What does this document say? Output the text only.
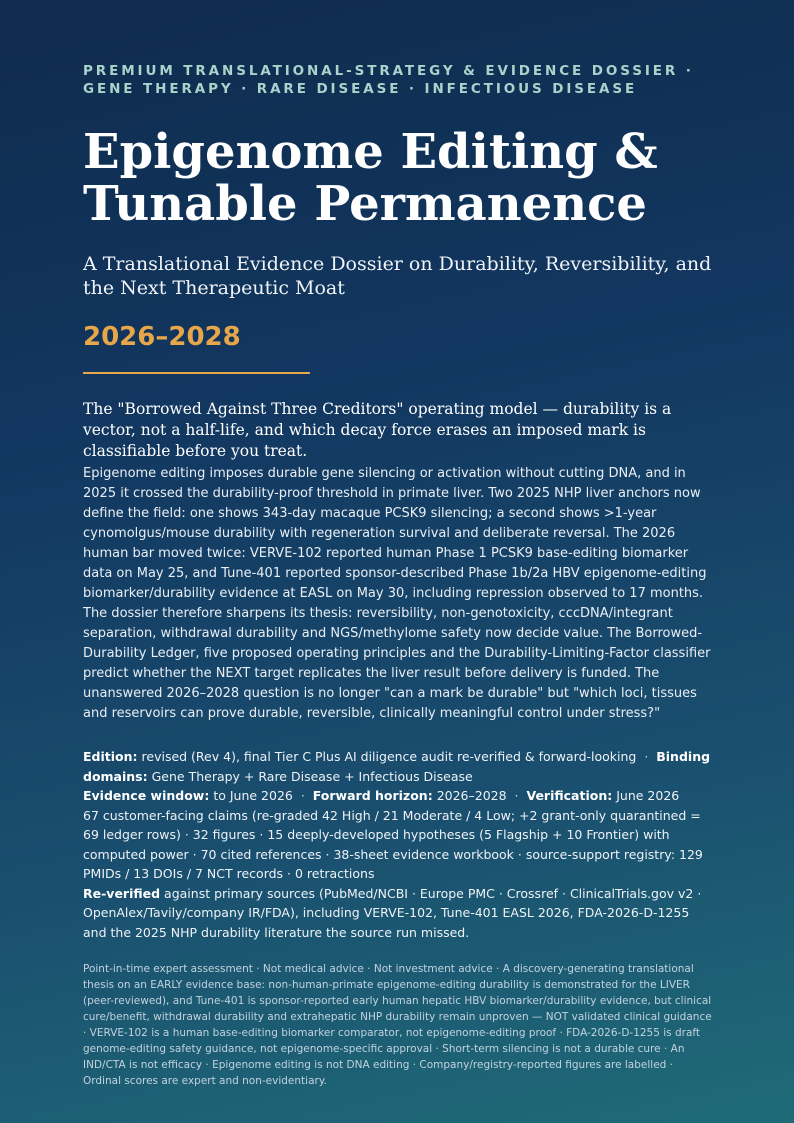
PREMIUM TRANSLATIONAL-STRATEGY & EVIDENCE DOSSIER ·
GENE THERAPY · RARE DISEASE · INFECTIOUS DISEASE

Epigenome Editing &
Tunable Permanence

A Translational Evidence Dossier on Durability, Reversibility, and the Next Therapeutic Moat

2026–2028

The "Borrowed Against Three Creditors" operating model — durability is a vector, not a half-life, and which decay force erases an imposed mark is classifiable before you treat.

Epigenome editing imposes durable gene silencing or activation without cutting DNA, and in 2025 it crossed the durability-proof threshold in primate liver. Two 2025 NHP liver anchors now define the field: one shows 343-day macaque PCSK9 silencing; a second shows >1-year cynomolgus/mouse durability with regeneration survival and deliberate reversal. The 2026 human bar moved twice: VERVE-102 reported human Phase 1 PCSK9 base-editing biomarker data on May 25, and Tune-401 reported sponsor-described Phase 1b/2a HBV epigenome-editing biomarker/durability evidence at EASL on May 30, including repression observed to 17 months. The dossier therefore sharpens its thesis: reversibility, non-genotoxicity, cccDNA/integrant separation, withdrawal durability and NGS/methylome safety now decide value. The Borrowed-Durability Ledger, five proposed operating principles and the Durability-Limiting-Factor classifier predict whether the NEXT target replicates the liver result before delivery is funded. The unanswered 2026–2028 question is no longer "can a mark be durable" but "which loci, tissues and reservoirs can prove durable, reversible, clinically meaningful control under stress?"

Edition: revised (Rev 4), final Tier C Plus AI diligence audit re-verified & forward-looking · Binding domains: Gene Therapy + Rare Disease + Infectious Disease

Evidence window: to June 2026 · Forward horizon: 2026–2028 · Verification: June 2026

67 customer-facing claims (re-graded 42 High / 21 Moderate / 4 Low; +2 grant-only quarantined = 69 ledger rows) · 32 figures · 15 deeply-developed hypotheses (5 Flagship + 10 Frontier) with computed power · 70 cited references · 38-sheet evidence workbook · source-support registry: 129 PMIDs / 13 DOIs / 7 NCT records · 0 retractions

Re-verified against primary sources (PubMed/NCBI · Europe PMC · Crossref · ClinicalTrials.gov v2 · OpenAlex/Tavily/company IR/FDA), including VERVE-102, Tune-401 EASL 2026, FDA-2026-D-1255 and the 2025 NHP durability literature the source run missed.

Point-in-time expert assessment · Not medical advice · Not investment advice · A discovery-generating translational thesis on an EARLY evidence base: non-human-primate epigenome-editing durability is demonstrated for the LIVER (peer-reviewed), and Tune-401 is sponsor-reported early human hepatic HBV biomarker/durability evidence, but clinical cure/benefit, withdrawal durability and extrahepatic NHP durability remain unproven — NOT validated clinical guidance · VERVE-102 is a human base-editing biomarker comparator, not epigenome-editing proof · FDA-2026-D-1255 is draft genome-editing safety guidance, not epigenome-specific approval · Short-term silencing is not a durable cure · An IND/CTA is not efficacy · Epigenome editing is not DNA editing · Company/registry-reported figures are labelled · Ordinal scores are expert and non-evidentiary.
